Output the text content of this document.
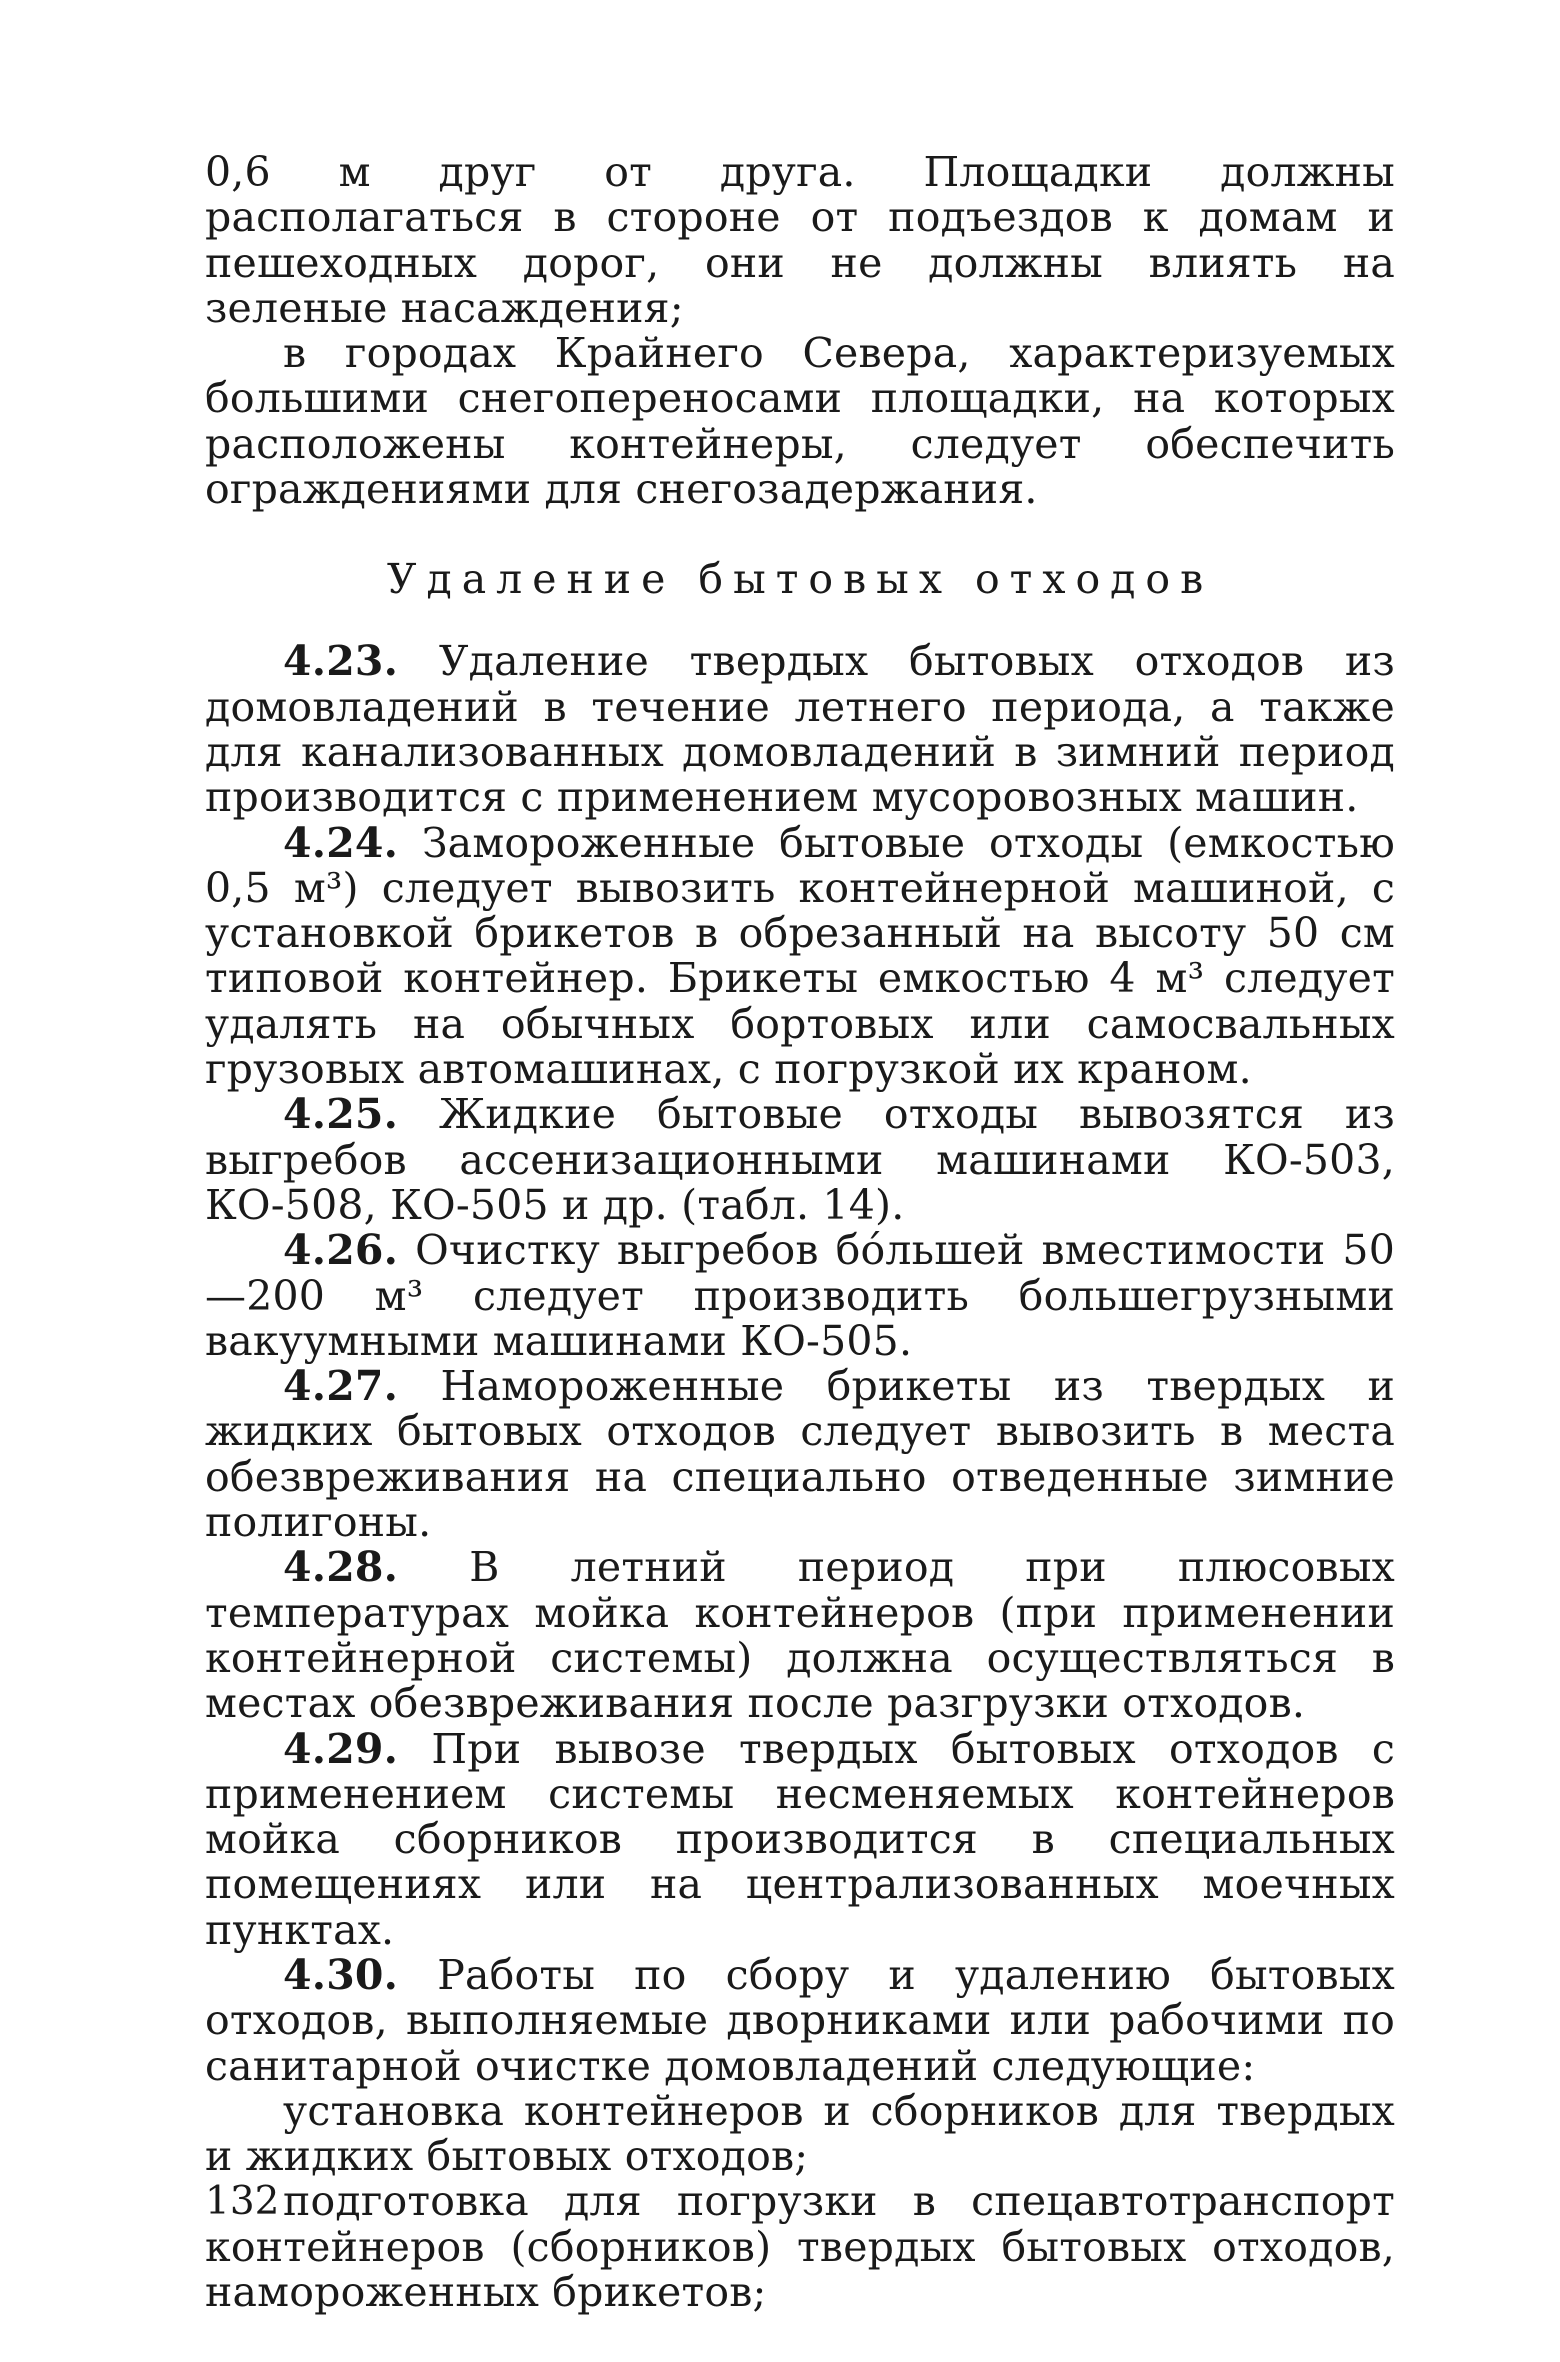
0,6 м друг от друга. Площадки должны располагаться в стороне от подъездов к домам и пешеходных дорог, они не должны влиять на зеленые насаждения;

в городах Крайнего Севера, характеризуемых большими снегопереносами площадки, на которых расположены контейнеры, следует обеспечить ограждениями для снегозадержания.

Удаление бытовых отходов

4.23. Удаление твердых бытовых отходов из домовладений в течение летнего периода, а также для канализованных домовладений в зимний период производится с применением мусоровозных машин.

4.24. Замороженные бытовые отходы (емкостью 0,5 м³) следует вывозить контейнерной машиной, с установкой брикетов в обрезанный на высоту 50 см типовой контейнер. Брикеты емкостью 4 м³ следует удалять на обычных бортовых или самосвальных грузовых автомашинах, с погрузкой их краном.

4.25. Жидкие бытовые отходы вывозятся из выгребов ассенизационными машинами КО-503, КО-508, КО-505 и др. (табл. 14).

4.26. Очистку выгребов бóльшей вместимости 50—200 м³ следует производить большегрузными вакуумными машинами КО-505.

4.27. Намороженные брикеты из твердых и жидких бытовых отходов следует вывозить в места обезвреживания на специально отведенные зимние полигоны.

4.28. В летний период при плюсовых температурах мойка контейнеров (при применении контейнерной системы) должна осуществляться в местах обезвреживания после разгрузки отходов.

4.29. При вывозе твердых бытовых отходов с применением системы несменяемых контейнеров мойка сборников производится в специальных помещениях или на централизованных моечных пунктах.

4.30. Работы по сбору и удалению бытовых отходов, выполняемые дворниками или рабочими по санитарной очистке домовладений следующие:

установка контейнеров и сборников для твердых и жидких бытовых отходов;

подготовка для погрузки в спецавтотранспорт контейнеров (сборников) твердых бытовых отходов, намороженных брикетов;

132
